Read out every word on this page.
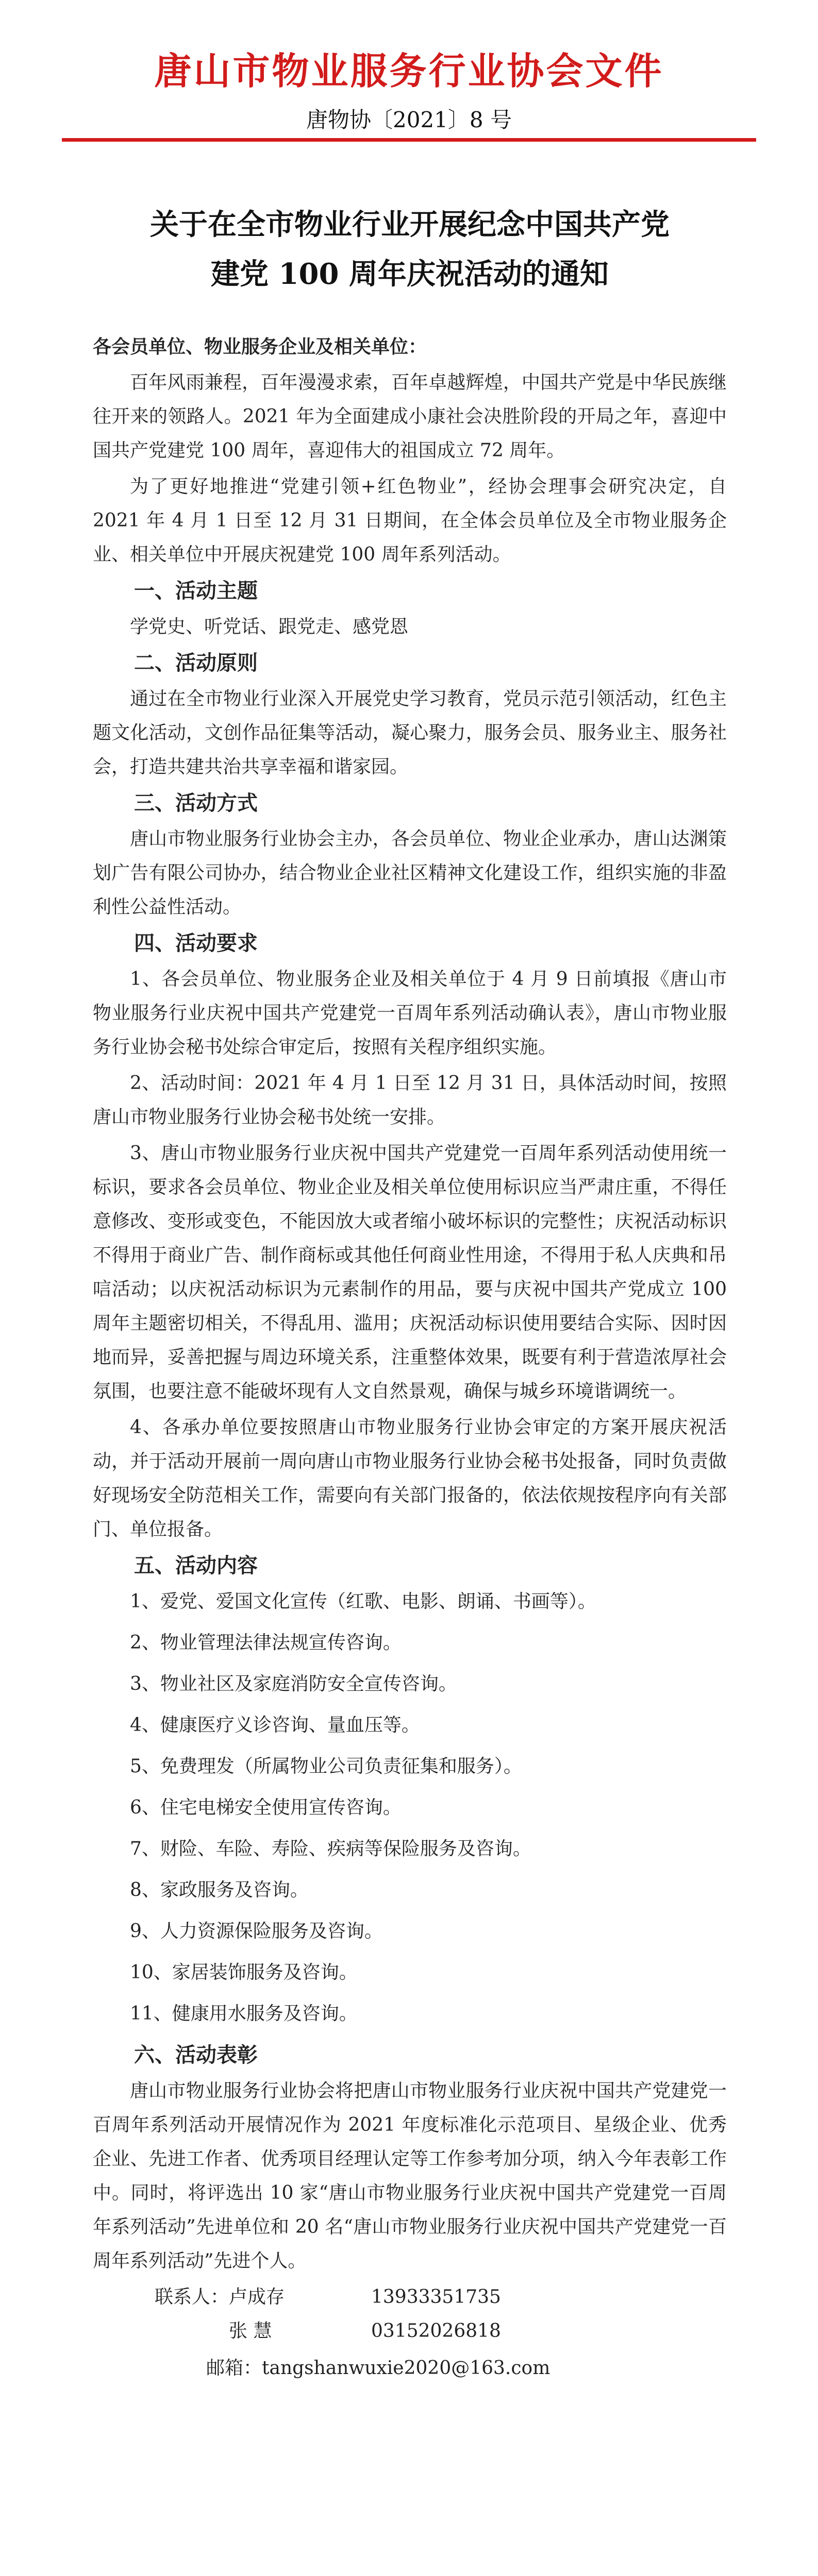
唐山市物业服务行业协会文件
唐物协〔2021〕8 号
关于在全市物业行业开展纪念中国共产党
建党 100 周年庆祝活动的通知

各会员单位、物业服务企业及相关单位：

百年风雨兼程，百年漫漫求索，百年卓越辉煌，中国共产党是中华民族继往开来的领路人。2021 年为全面建成小康社会决胜阶段的开局之年，喜迎中国共产党建党 100 周年，喜迎伟大的祖国成立 72 周年。

为了更好地推进“党建引领+红色物业”，经协会理事会研究决定，自 2021 年 4 月 1 日至 12 月 31 日期间，在全体会员单位及全市物业服务企业、相关单位中开展庆祝建党 100 周年系列活动。

一、活动主题

学党史、听党话、跟党走、感党恩

二、活动原则

通过在全市物业行业深入开展党史学习教育，党员示范引领活动，红色主题文化活动，文创作品征集等活动，凝心聚力，服务会员、服务业主、服务社会，打造共建共治共享幸福和谐家园。

三、活动方式

唐山市物业服务行业协会主办，各会员单位、物业企业承办，唐山达渊策划广告有限公司协办，结合物业企业社区精神文化建设工作，组织实施的非盈利性公益性活动。

四、活动要求

1、各会员单位、物业服务企业及相关单位于 4 月 9 日前填报《唐山市物业服务行业庆祝中国共产党建党一百周年系列活动确认表》，唐山市物业服务行业协会秘书处综合审定后，按照有关程序组织实施。

2、活动时间：2021 年 4 月 1 日至 12 月 31 日，具体活动时间，按照唐山市物业服务行业协会秘书处统一安排。

3、唐山市物业服务行业庆祝中国共产党建党一百周年系列活动使用统一标识，要求各会员单位、物业企业及相关单位使用标识应当严肃庄重，不得任意修改、变形或变色，不能因放大或者缩小破坏标识的完整性；庆祝活动标识不得用于商业广告、制作商标或其他任何商业性用途，不得用于私人庆典和吊唁活动；以庆祝活动标识为元素制作的用品，要与庆祝中国共产党成立 100 周年主题密切相关，不得乱用、滥用；庆祝活动标识使用要结合实际、因时因地而异，妥善把握与周边环境关系，注重整体效果，既要有利于营造浓厚社会氛围，也要注意不能破坏现有人文自然景观，确保与城乡环境谐调统一。

4、各承办单位要按照唐山市物业服务行业协会审定的方案开展庆祝活动，并于活动开展前一周向唐山市物业服务行业协会秘书处报备，同时负责做好现场安全防范相关工作，需要向有关部门报备的，依法依规按程序向有关部门、单位报备。

五、活动内容

1、爱党、爱国文化宣传（红歌、电影、朗诵、书画等）。

2、物业管理法律法规宣传咨询。

3、物业社区及家庭消防安全宣传咨询。

4、健康医疗义诊咨询、量血压等。

5、免费理发（所属物业公司负责征集和服务）。

6、住宅电梯安全使用宣传咨询。

7、财险、车险、寿险、疾病等保险服务及咨询。

8、家政服务及咨询。

9、人力资源保险服务及咨询。

10、家居装饰服务及咨询。

11、健康用水服务及咨询。

六、活动表彰

唐山市物业服务行业协会将把唐山市物业服务行业庆祝中国共产党建党一百周年系列活动开展情况作为 2021 年度标准化示范项目、星级企业、优秀企业、先进工作者、优秀项目经理认定等工作参考加分项，纳入今年表彰工作中。同时，将评选出 10 家“唐山市物业服务行业庆祝中国共产党建党一百周年系列活动”先进单位和 20 名“唐山市物业服务行业庆祝中国共产党建党一百周年系列活动”先进个人。

联系人：卢成存	13933351735
张 慧	03152026818
邮箱：tangshanwuxie2020@163.com
